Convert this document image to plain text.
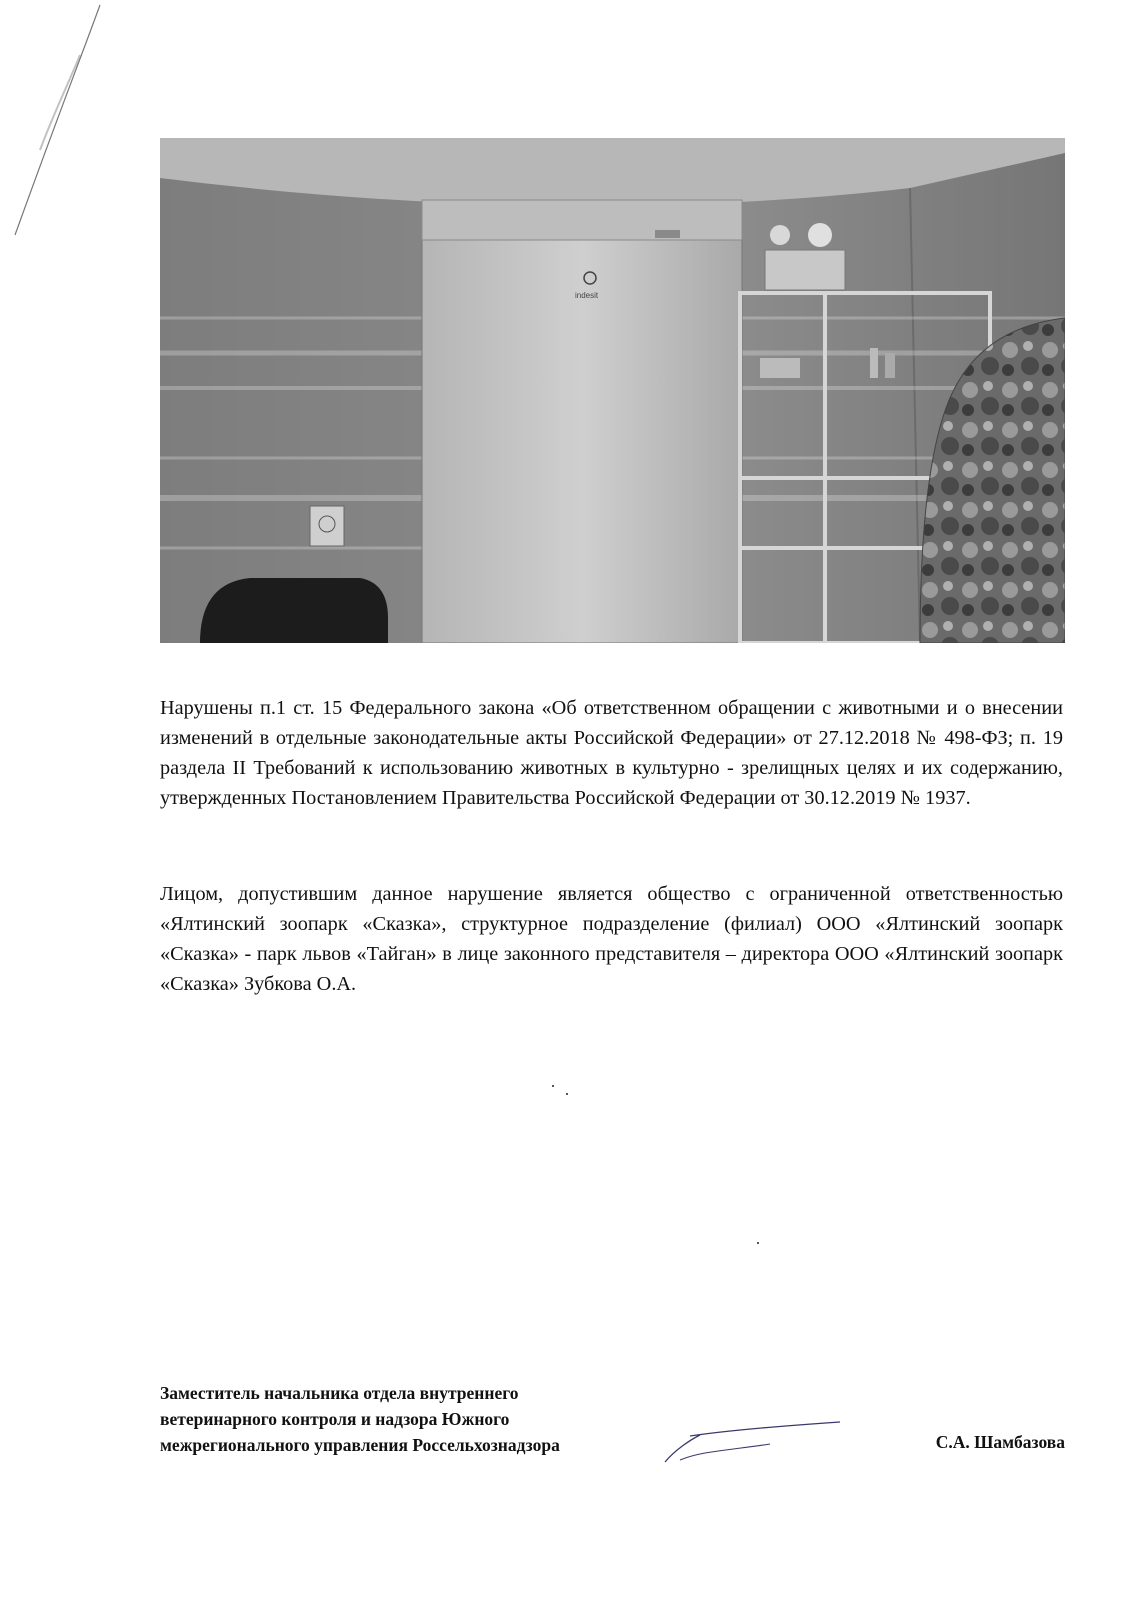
indesit

Нарушены п.1 ст. 15 Федерального закона «Об ответственном обращении с животными и о внесении изменений в отдельные законодательные акты Российской Федерации» от 27.12.2018 № 498-ФЗ; п. 19 раздела II Требований к использованию животных в культурно - зрелищных целях и их содержанию, утвержденных Постановлением Правительства Российской Федерации от 30.12.2019 № 1937.

Лицом, допустившим данное нарушение является общество с ограниченной ответственностью «Ялтинский зоопарк «Сказка», структурное подразделение (филиал) ООО «Ялтинский зоопарк «Сказка» - парк львов «Тайган» в лице законного представителя – директора ООО «Ялтинский зоопарк «Сказка» Зубкова О.А.

Заместитель начальника отдела внутреннего
ветеринарного контроля и надзора Южного
межрегионального управления Россельхознадзора	С.А. Шамбазова
